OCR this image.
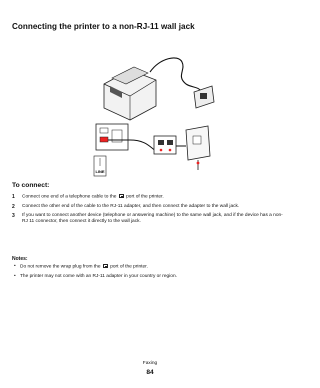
Connecting the printer to a non-RJ-11 wall jack
LINE
To connect:
1 Connect one end of a telephone cable to the port of the printer.
2 Connect the other end of the cable to the RJ-11 adapter, and then connect the adapter to the wall jack.
3 If you want to connect another device (telephone or answering machine) to the same wall jack, and if the device has a non-RJ 11 connector, then connect it directly to the wall jack.
Notes:
• Do not remove the wrap plug from the port of the printer.
• The printer may not come with an RJ-11 adapter in your country or region.
Faxing
84
